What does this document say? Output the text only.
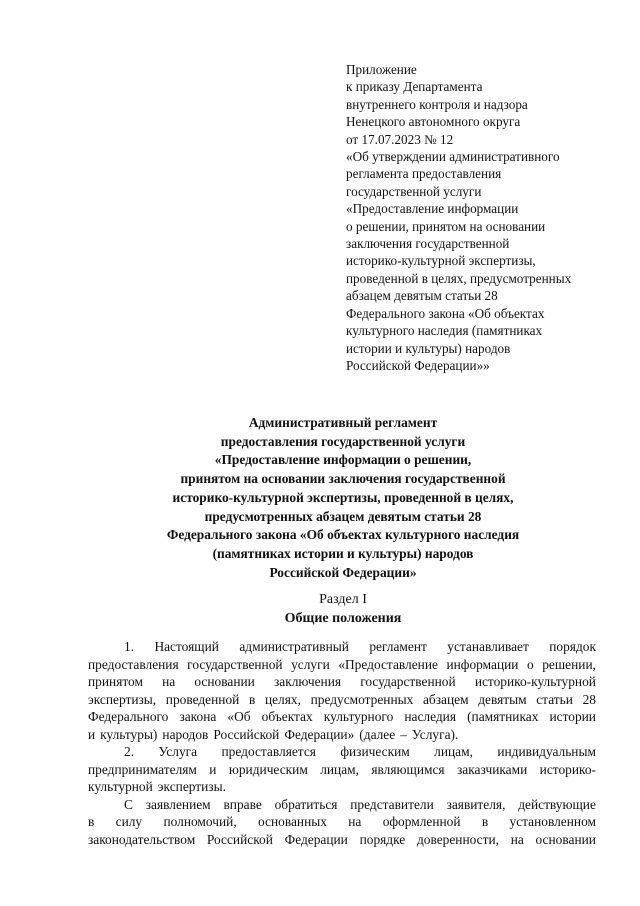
Приложение
к приказу Департамента
внутреннего контроля и надзора
Ненецкого автономного округа
от 17.07.2023 № 12
«Об утверждении административного
регламента предоставления
государственной услуги
«Предоставление информации
о решении, принятом на основании
заключения государственной
историко-культурной экспертизы,
проведенной в целях, предусмотренных
абзацем девятым статьи 28
Федерального закона «Об объектах
культурного наследия (памятниках
истории и культуры) народов
Российской Федерации»»
Административный регламент
предоставления государственной услуги
«Предоставление информации о решении,
принятом на основании заключения государственной
историко-культурной экспертизы, проведенной в целях,
предусмотренных абзацем девятым статьи 28
Федерального закона «Об объектах культурного наследия
(памятниках истории и культуры) народов
Российской Федерации»
Раздел I
Общие положения
1. Настоящий административный регламент устанавливает порядок
предоставления государственной услуги «Предоставление информации о решении,
принятом на основании заключения государственной историко-культурной
экспертизы, проведенной в целях, предусмотренных абзацем девятым статьи 28
Федерального закона «Об объектах культурного наследия (памятниках истории
и культуры) народов Российской Федерации» (далее – Услуга).
2. Услуга предоставляется физическим лицам, индивидуальным
предпринимателям и юридическим лицам, являющимся заказчиками историко-
культурной экспертизы.
С заявлением вправе обратиться представители заявителя, действующие
в силу полномочий, основанных на оформленной в установленном
законодательством Российской Федерации порядке доверенности, на основании
